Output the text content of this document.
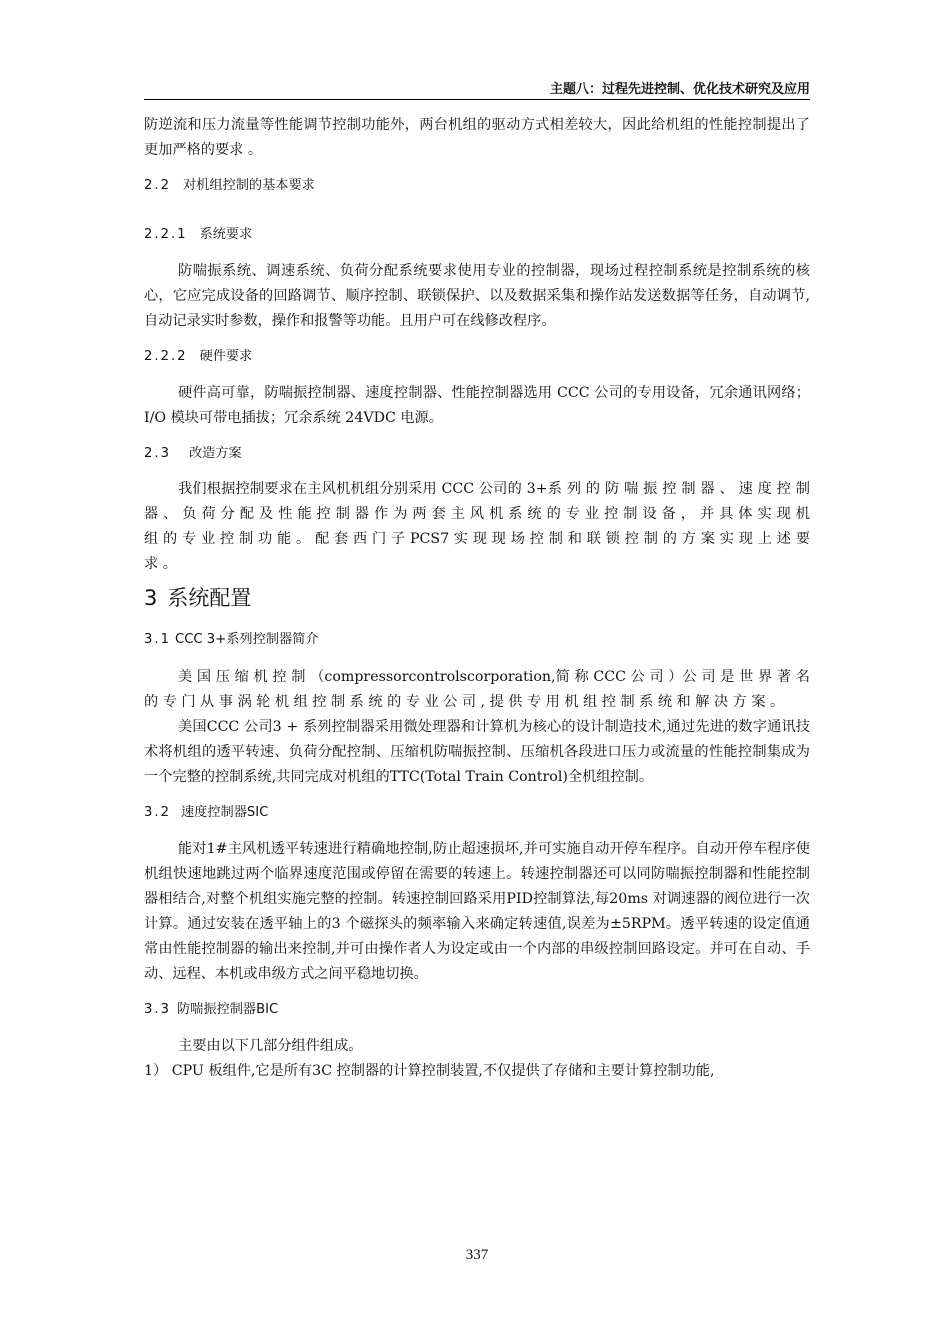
主题八：过程先进控制、优化技术研究及应用

防逆流和压力流量等性能调节控制功能外，两台机组的驱动方式相差较大，因此给机组的性能控制提出了更加严格的要求 。

2.2 对机组控制的基本要求
2.2.1 系统要求

防喘振系统、调速系统、负荷分配系统要求使用专业的控制器，现场过程控制系统是控制系统的核心，它应完成设备的回路调节、顺序控制、联锁保护、以及数据采集和操作站发送数据等任务，自动调节,自动记录实时参数，操作和报警等功能。且用户可在线修改程序。

2.2.2 硬件要求

硬件高可靠，防喘振控制器、速度控制器、性能控制器选用 CCC 公司的专用设备，冗余通讯网络；I/O 模块可带电插拔；冗余系统 24VDC 电源。

2.3 改造方案

我们根据控制要求在主风机机组分别采用 CCC 公司的 3+系 列 的 防 喘 振 控 制 器 、 速 度 控 制 器 、 负 荷 分 配 及 性 能 控 制 器 作 为 两 套 主 风 机 系 统 的 专 业 控 制 设 备 ， 并 具 体 实 现 机 组 的 专 业 控 制 功 能 。 配 套 西 门 子 PCS7 实 现 现 场 控 制 和 联 锁 控 制 的 方 案 实 现 上 述 要 求 。

3 系统配置
3.1 CCC 3+系列控制器简介

美 国 压 缩 机 控 制 （compressorcontrolscorporation,简 称 CCC 公 司 ）公 司 是 世 界 著 名 的 专 门 从 事 涡 轮 机 组 控 制 系 统 的 专 业 公 司 , 提 供 专 用 机 组 控 制 系 统 和 解 决 方 案 。

美国CCC 公司3 + 系列控制器采用微处理器和计算机为核心的设计制造技术,通过先进的数字通讯技术将机组的透平转速、负荷分配控制、压缩机防喘振控制、压缩机各段进口压力或流量的性能控制集成为一个完整的控制系统,共同完成对机组的TTC(Total Train Control)全机组控制。

3.2 速度控制器SIC

能对1#主风机透平转速进行精确地控制,防止超速损坏,并可实施自动开停车程序。自动开停车程序使机组快速地跳过两个临界速度范围或停留在需要的转速上。转速控制器还可以同防喘振控制器和性能控制器相结合,对整个机组实施完整的控制。转速控制回路采用PID控制算法,每20ms 对调速器的阀位进行一次计算。通过安装在透平轴上的3 个磁探头的频率输入来确定转速值,误差为±5RPM。透平转速的设定值通常由性能控制器的输出来控制,并可由操作者人为设定或由一个内部的串级控制回路设定。并可在自动、手动、远程、本机或串级方式之间平稳地切换。

3.3 防喘振控制器BIC

主要由以下几部分组件组成。

1） CPU 板组件,它是所有3C 控制器的计算控制装置,不仅提供了存储和主要计算控制功能,

337
